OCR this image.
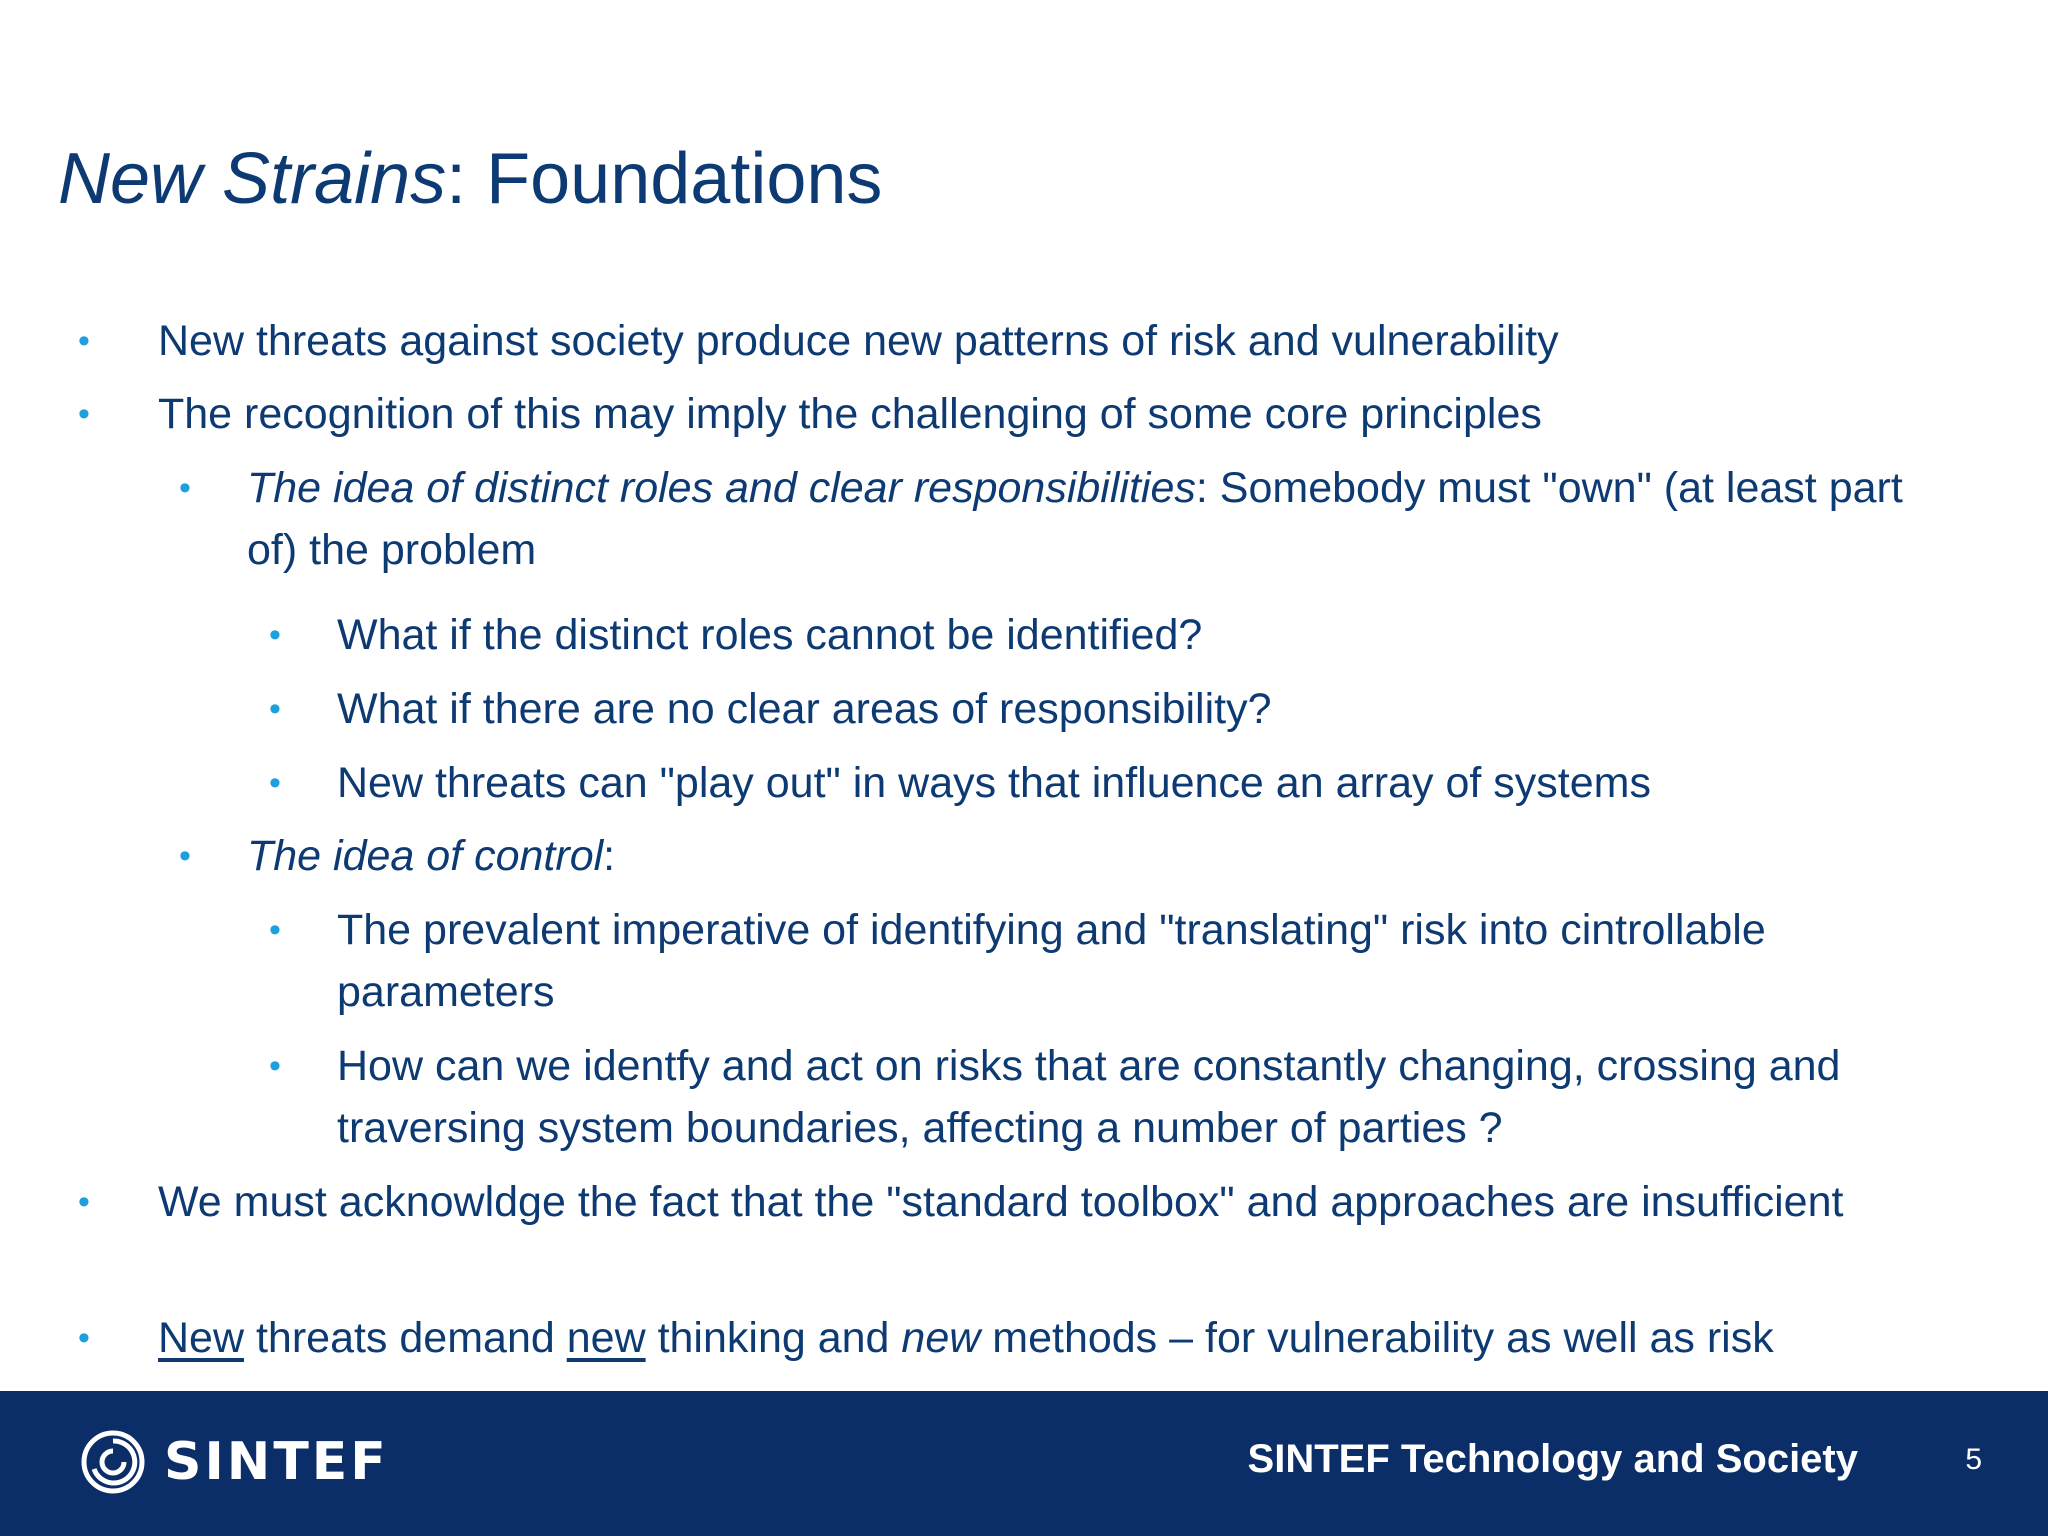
New Strains: Foundations
• New threats against society produce new patterns of risk and vulnerability
• The recognition of this may imply the challenging of some core principles
• The idea of distinct roles and clear responsibilities: Somebody must "own" (at least part of) the problem
• What if the distinct roles cannot be identified?
• What if there are no clear areas of responsibility?
• New threats can "play out" in ways that influence an array of systems
• The idea of control:
• The prevalent imperative of identifying and "translating" risk into cintrollable parameters
• How can we identfy and act on risks that are constantly changing, crossing and traversing system boundaries, affecting a number of parties ?
• We must acknowldge the fact that the "standard toolbox" and approaches are insufficient
• New threats demand new thinking and new methods – for vulnerability as well as risk
SINTEF	SINTEF Technology and Society	5
